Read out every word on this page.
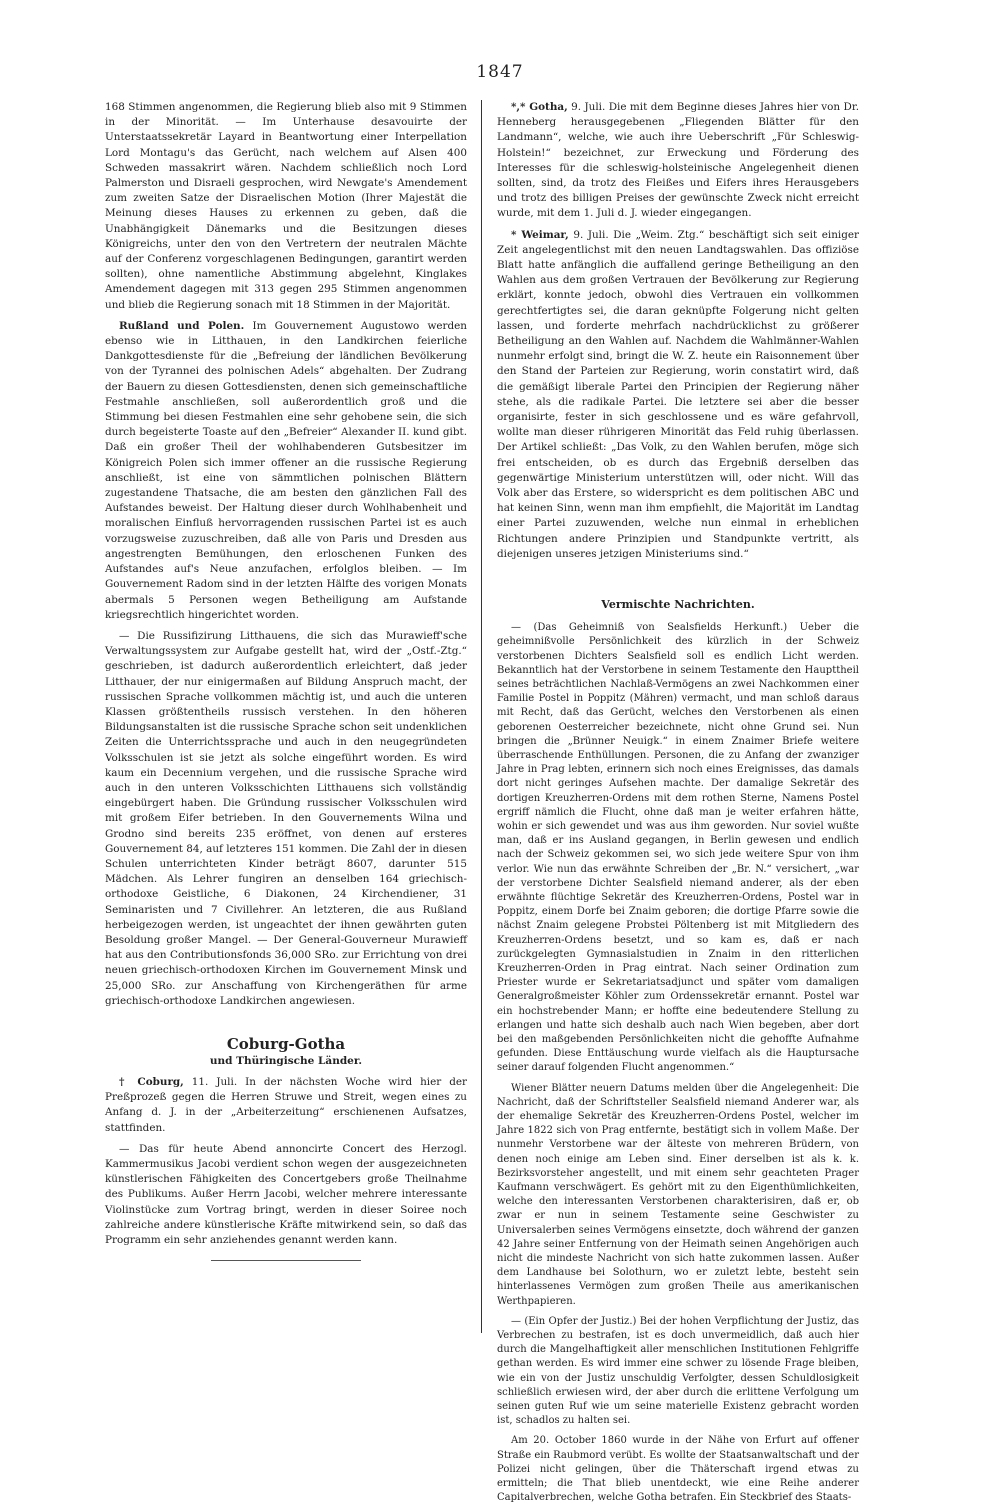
1847

168 Stimmen angenommen, die Regierung blieb also mit 9 Stimmen in der Minorität. — Im Unterhause desavouirte der Unterstaatssekretär Layard in Beantwortung einer Interpellation Lord Montagu's das Gerücht, nach welchem auf Alsen 400 Schweden massakrirt wären. Nachdem schließlich noch Lord Palmerston und Disraeli gesprochen, wird Newgate's Amendement zum zweiten Satze der Disraelischen Motion (Ihrer Majestät die Meinung dieses Hauses zu erkennen zu geben, daß die Unabhängigkeit Dänemarks und die Besitzungen dieses Königreichs, unter den von den Vertretern der neutralen Mächte auf der Conferenz vorgeschlagenen Bedingungen, garantirt werden sollten), ohne namentliche Abstimmung abgelehnt, Kinglakes Amendement dagegen mit 313 gegen 295 Stimmen angenommen und blieb die Regierung sonach mit 18 Stimmen in der Majorität.

Rußland und Polen. Im Gouvernement Augustowo werden ebenso wie in Litthauen, in den Landkirchen feierliche Dankgottesdienste für die „Befreiung der ländlichen Bevölkerung von der Tyrannei des polnischen Adels“ abgehalten. Der Zudrang der Bauern zu diesen Gottesdiensten, denen sich gemeinschaftliche Festmahle anschließen, soll außerordentlich groß und die Stimmung bei diesen Festmahlen eine sehr gehobene sein, die sich durch begeisterte Toaste auf den „Befreier“ Alexander II. kund gibt. Daß ein großer Theil der wohlhabenderen Gutsbesitzer im Königreich Polen sich immer offener an die russische Regierung anschließt, ist eine von sämmtlichen polnischen Blättern zugestandene Thatsache, die am besten den gänzlichen Fall des Aufstandes beweist. Der Haltung dieser durch Wohlhabenheit und moralischen Einfluß hervorragenden russischen Partei ist es auch vorzugsweise zuzuschreiben, daß alle von Paris und Dresden aus angestrengten Bemühungen, den erloschenen Funken des Aufstandes auf's Neue anzufachen, erfolglos bleiben. — Im Gouvernement Radom sind in der letzten Hälfte des vorigen Monats abermals 5 Personen wegen Betheiligung am Aufstande kriegsrechtlich hingerichtet worden.

— Die Russifizirung Litthauens, die sich das Murawieff'sche Verwaltungssystem zur Aufgabe gestellt hat, wird der „Ostf.-Ztg.“ geschrieben, ist dadurch außerordentlich erleichtert, daß jeder Litthauer, der nur einigermaßen auf Bildung Anspruch macht, der russischen Sprache vollkommen mächtig ist, und auch die unteren Klassen größtentheils russisch verstehen. In den höheren Bildungsanstalten ist die russische Sprache schon seit undenklichen Zeiten die Unterrichtssprache und auch in den neugegründeten Volksschulen ist sie jetzt als solche eingeführt worden. Es wird kaum ein Decennium vergehen, und die russische Sprache wird auch in den unteren Volksschichten Litthauens sich vollständig eingebürgert haben. Die Gründung russischer Volksschulen wird mit großem Eifer betrieben. In den Gouvernements Wilna und Grodno sind bereits 235 eröffnet, von denen auf ersteres Gouvernement 84, auf letzteres 151 kommen. Die Zahl der in diesen Schulen unterrichteten Kinder beträgt 8607, darunter 515 Mädchen. Als Lehrer fungiren an denselben 164 griechisch-orthodoxe Geistliche, 6 Diakonen, 24 Kirchendiener, 31 Seminaristen und 7 Civillehrer. An letzteren, die aus Rußland herbeigezogen werden, ist ungeachtet der ihnen gewährten guten Besoldung großer Mangel. — Der General-Gouverneur Murawieff hat aus den Contributionsfonds 36,000 SRo. zur Errichtung von drei neuen griechisch-orthodoxen Kirchen im Gouvernement Minsk und 25,000 SRo. zur Anschaffung von Kirchengeräthen für arme griechisch-orthodoxe Landkirchen angewiesen.

Coburg-Gotha
und Thüringische Länder.

† Coburg, 11. Juli. In der nächsten Woche wird hier der Preßprozeß gegen die Herren Struwe und Streit, wegen eines zu Anfang d. J. in der „Arbeiterzeitung“ erschienenen Aufsatzes, stattfinden.

— Das für heute Abend annoncirte Concert des Herzogl. Kammermusikus Jacobi verdient schon wegen der ausgezeichneten künstlerischen Fähigkeiten des Concertgebers große Theilnahme des Publikums. Außer Herrn Jacobi, welcher mehrere interessante Violinstücke zum Vortrag bringt, werden in dieser Soiree noch zahlreiche andere künstlerische Kräfte mitwirkend sein, so daß das Programm ein sehr anziehendes genannt werden kann.

*,* Gotha, 9. Juli. Die mit dem Beginne dieses Jahres hier von Dr. Henneberg herausgegebenen „Fliegenden Blätter für den Landmann“, welche, wie auch ihre Ueberschrift „Für Schleswig-Holstein!“ bezeichnet, zur Erweckung und Förderung des Interesses für die schleswig-holsteinische Angelegenheit dienen sollten, sind, da trotz des Fleißes und Eifers ihres Herausgebers und trotz des billigen Preises der gewünschte Zweck nicht erreicht wurde, mit dem 1. Juli d. J. wieder eingegangen.

* Weimar, 9. Juli. Die „Weim. Ztg.“ beschäftigt sich seit einiger Zeit angelegentlichst mit den neuen Landtagswahlen. Das offiziöse Blatt hatte anfänglich die auffallend geringe Betheiligung an den Wahlen aus dem großen Vertrauen der Bevölkerung zur Regierung erklärt, konnte jedoch, obwohl dies Vertrauen ein vollkommen gerechtfertigtes sei, die daran geknüpfte Folgerung nicht gelten lassen, und forderte mehrfach nachdrücklichst zu größerer Betheiligung an den Wahlen auf. Nachdem die Wahlmänner-Wahlen nunmehr erfolgt sind, bringt die W. Z. heute ein Raisonnement über den Stand der Parteien zur Regierung, worin constatirt wird, daß die gemäßigt liberale Partei den Principien der Regierung näher stehe, als die radikale Partei. Die letztere sei aber die besser organisirte, fester in sich geschlossene und es wäre gefahrvoll, wollte man dieser rührigeren Minorität das Feld ruhig überlassen. Der Artikel schließt: „Das Volk, zu den Wahlen berufen, möge sich frei entscheiden, ob es durch das Ergebniß derselben das gegenwärtige Ministerium unterstützen will, oder nicht. Will das Volk aber das Erstere, so widerspricht es dem politischen ABC und hat keinen Sinn, wenn man ihm empfiehlt, die Majorität im Landtag einer Partei zuzuwenden, welche nun einmal in erheblichen Richtungen andere Prinzipien und Standpunkte vertritt, als diejenigen unseres jetzigen Ministeriums sind.“

Vermischte Nachrichten.

— (Das Geheimniß von Sealsfields Herkunft.) Ueber die geheimnißvolle Persönlichkeit des kürzlich in der Schweiz verstorbenen Dichters Sealsfield soll es endlich Licht werden. Bekanntlich hat der Verstorbene in seinem Testamente den Haupttheil seines beträchtlichen Nachlaß-Vermögens an zwei Nachkommen einer Familie Postel in Poppitz (Mähren) vermacht, und man schloß daraus mit Recht, daß das Gerücht, welches den Verstorbenen als einen geborenen Oesterreicher bezeichnete, nicht ohne Grund sei. Nun bringen die „Brünner Neuigk.“ in einem Znaimer Briefe weitere überraschende Enthüllungen. Personen, die zu Anfang der zwanziger Jahre in Prag lebten, erinnern sich noch eines Ereignisses, das damals dort nicht geringes Aufsehen machte. Der damalige Sekretär des dortigen Kreuzherren-Ordens mit dem rothen Sterne, Namens Postel ergriff nämlich die Flucht, ohne daß man je weiter erfahren hätte, wohin er sich gewendet und was aus ihm geworden. Nur soviel wußte man, daß er ins Ausland gegangen, in Berlin gewesen und endlich nach der Schweiz gekommen sei, wo sich jede weitere Spur von ihm verlor. Wie nun das erwähnte Schreiben der „Br. N.“ versichert, „war der verstorbene Dichter Sealsfield niemand anderer, als der eben erwähnte flüchtige Sekretär des Kreuzherren-Ordens, Postel war in Poppitz, einem Dorfe bei Znaim geboren; die dortige Pfarre sowie die nächst Znaim gelegene Probstei Pöltenberg ist mit Mitgliedern des Kreuzherren-Ordens besetzt, und so kam es, daß er nach zurückgelegten Gymnasialstudien in Znaim in den ritterlichen Kreuzherren-Orden in Prag eintrat. Nach seiner Ordination zum Priester wurde er Sekretariatsadjunct und später vom damaligen Generalgroßmeister Köhler zum Ordenssekretär ernannt. Postel war ein hochstrebender Mann; er hoffte eine bedeutendere Stellung zu erlangen und hatte sich deshalb auch nach Wien begeben, aber dort bei den maßgebenden Persönlichkeiten nicht die gehoffte Aufnahme gefunden. Diese Enttäuschung wurde vielfach als die Hauptursache seiner darauf folgenden Flucht angenommen.“

Wiener Blätter neuern Datums melden über die Angelegenheit: Die Nachricht, daß der Schriftsteller Sealsfield niemand Anderer war, als der ehemalige Sekretär des Kreuzherren-Ordens Postel, welcher im Jahre 1822 sich von Prag entfernte, bestätigt sich in vollem Maße. Der nunmehr Verstorbene war der älteste von mehreren Brüdern, von denen noch einige am Leben sind. Einer derselben ist als k. k. Bezirksvorsteher angestellt, und mit einem sehr geachteten Prager Kaufmann verschwägert. Es gehört mit zu den Eigenthümlichkeiten, welche den interessanten Verstorbenen charakterisiren, daß er, ob zwar er nun in seinem Testamente seine Geschwister zu Universalerben seines Vermögens einsetzte, doch während der ganzen 42 Jahre seiner Entfernung von der Heimath seinen Angehörigen auch nicht die mindeste Nachricht von sich hatte zukommen lassen. Außer dem Landhause bei Solothurn, wo er zuletzt lebte, besteht sein hinterlassenes Vermögen zum großen Theile aus amerikanischen Werthpapieren.

— (Ein Opfer der Justiz.) Bei der hohen Verpflichtung der Justiz, das Verbrechen zu bestrafen, ist es doch unvermeidlich, daß auch hier durch die Mangelhaftigkeit aller menschlichen Institutionen Fehlgriffe gethan werden. Es wird immer eine schwer zu lösende Frage bleiben, wie ein von der Justiz unschuldig Verfolgter, dessen Schuldlosigkeit schließlich erwiesen wird, der aber durch die erlittene Verfolgung um seinen guten Ruf wie um seine materielle Existenz gebracht worden ist, schadlos zu halten sei.

Am 20. October 1860 wurde in der Nähe von Erfurt auf offener Straße ein Raubmord verübt. Es wollte der Staatsanwaltschaft und der Polizei nicht gelingen, über die Thäterschaft irgend etwas zu ermitteln; die That blieb unentdeckt, wie eine Reihe anderer Capitalverbrechen, welche Gotha betrafen. Ein Steckbrief des Staats-
